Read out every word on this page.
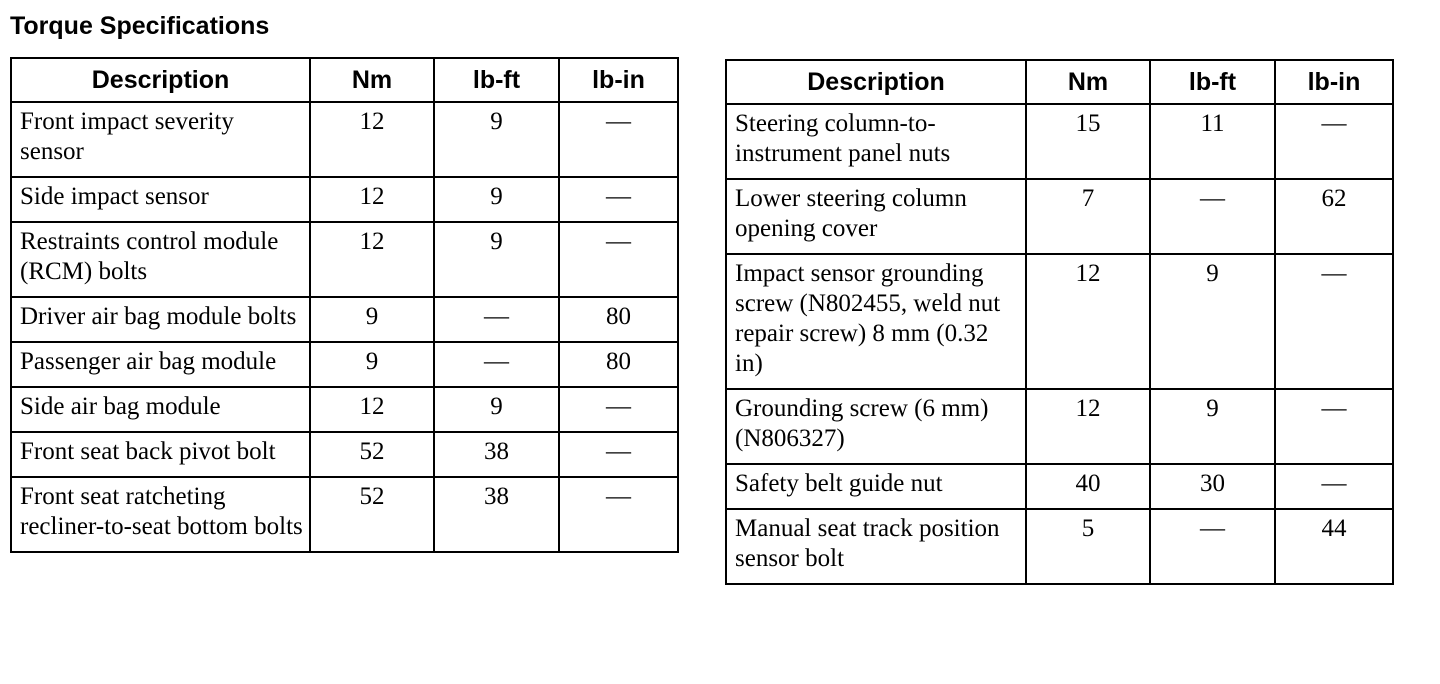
Torque Specifications
Description	Nm	lb-ft	lb-in
Front impact severity sensor	12	9	—
Side impact sensor	12	9	—
Restraints control module (RCM) bolts	12	9	—
Driver air bag module bolts	9	—	80
Passenger air bag module	9	—	80
Side air bag module	12	9	—
Front seat back pivot bolt	52	38	—
Front seat ratcheting recliner-to-seat bottom bolts	52	38	—
Description	Nm	lb-ft	lb-in
Steering column-to-instrument panel nuts	15	11	—
Lower steering column opening cover	7	—	62
Impact sensor grounding screw (N802455, weld nut repair screw) 8 mm (0.32 in)	12	9	—
Grounding screw (6 mm) (N806327)	12	9	—
Safety belt guide nut	40	30	—
Manual seat track position sensor bolt	5	—	44
